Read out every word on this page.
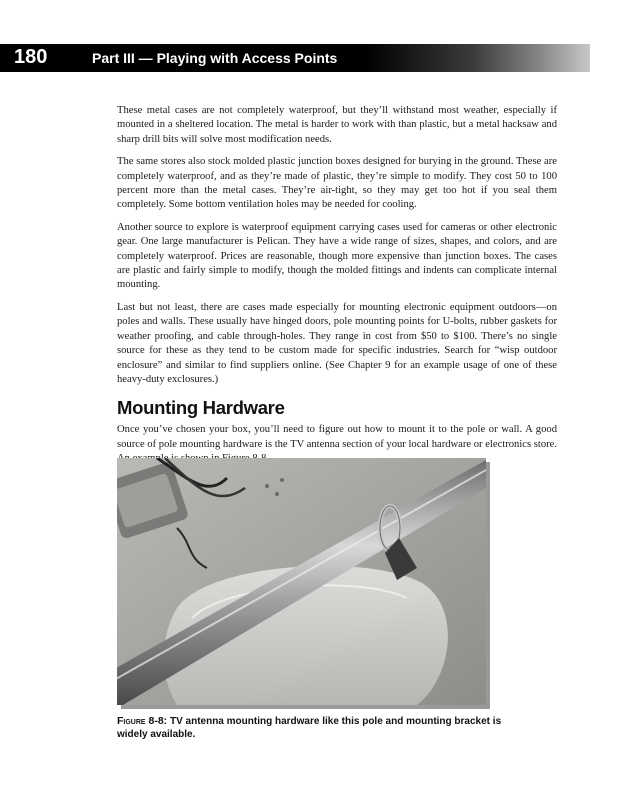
180	Part III — Playing with Access Points

These metal cases are not completely waterproof, but they’ll withstand most weather, especially if mounted in a sheltered location. The metal is harder to work with than plastic, but a metal hacksaw and sharp drill bits will solve most modification needs.

The same stores also stock molded plastic junction boxes designed for burying in the ground. These are completely waterproof, and as they’re made of plastic, they’re simple to modify. They cost 50 to 100 percent more than the metal cases. They’re air-tight, so they may get too hot if you seal them completely. Some bottom ventilation holes may be needed for cooling.

Another source to explore is waterproof equipment carrying cases used for cameras or other electronic gear. One large manufacturer is Pelican. They have a wide range of sizes, shapes, and colors, and are completely waterproof. Prices are reasonable, though more expensive than junction boxes. The cases are plastic and fairly simple to modify, though the molded fittings and indents can complicate internal mounting.

Last but not least, there are cases made especially for mounting electronic equipment outdoors—on poles and walls. These usually have hinged doors, pole mounting points for U-bolts, rubber gaskets for weather proofing, and cable through-holes. They range in cost from $50 to $100. There’s no single source for these as they tend to be custom made for specific industries. Search for “wisp outdoor enclosure” and similar to find suppliers online. (See Chapter 9 for an example usage of one of these heavy-duty exclosures.)

Mounting Hardware

Once you’ve chosen your box, you’ll need to figure out how to mount it to the pole or wall. A good source of pole mounting hardware is the TV antenna section of your local hardware or electronics store.

Figure 8-8: TV antenna mounting hardware like this pole and mounting bracket is widely available.
